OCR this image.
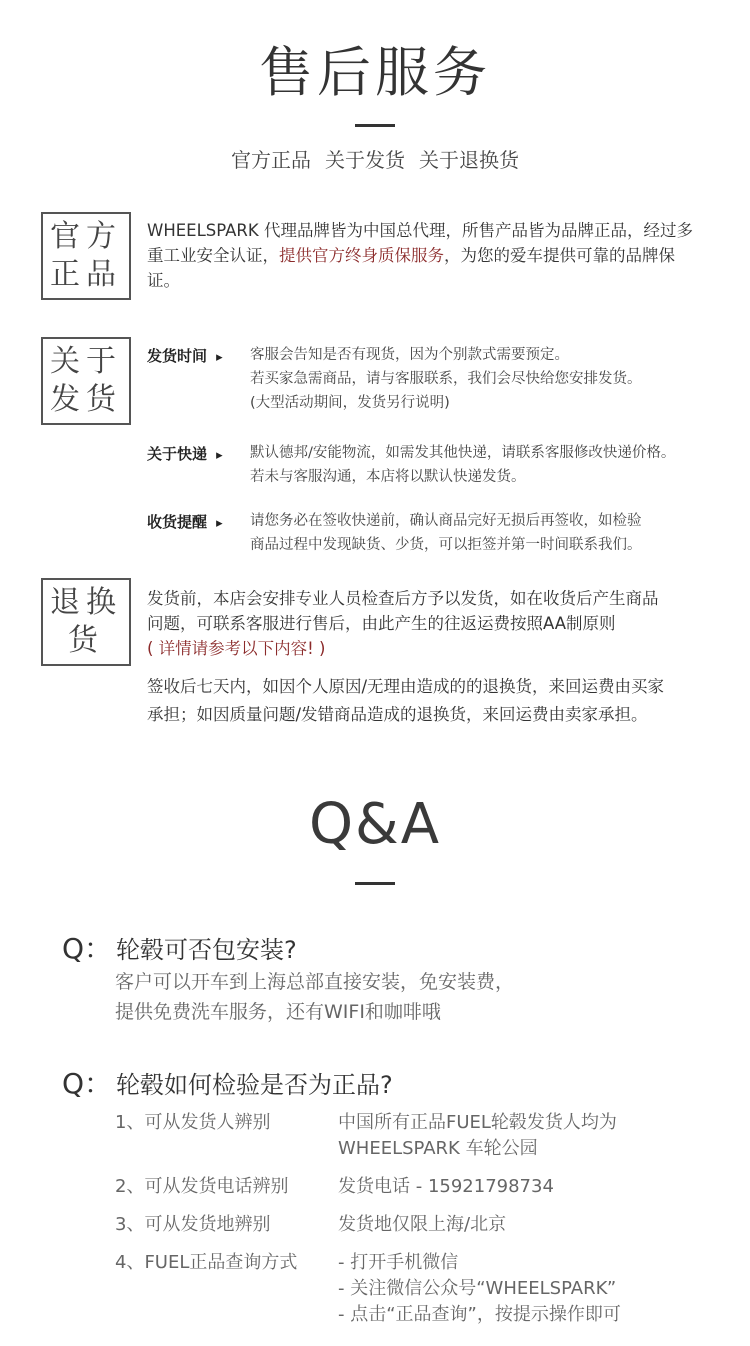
售后服务
官方正品 关于发货 关于退换货
官方
正品
WHEELSPARK 代理品牌皆为中国总代理，所售产品皆为品牌正品，经过多重工业安全认证，提供官方终身质保服务，为您的爱车提供可靠的品牌保证。
关于
发货
发货时间 ▸	客服会告知是否有现货，因为个别款式需要预定。
若买家急需商品，请与客服联系，我们会尽快给您安排发货。
(大型活动期间，发货另行说明)
关于快递 ▸	默认德邦/安能物流，如需发其他快递，请联系客服修改快递价格。
若未与客服沟通，本店将以默认快递发货。
收货提醒 ▸	请您务必在签收快递前，确认商品完好无损后再签收，如检验
商品过程中发现缺货、少货，可以拒签并第一时间联系我们。
退换
货
发货前，本店会安排专业人员检查后方予以发货，如在收货后产生商品
问题，可联系客服进行售后，由此产生的往返运费按照AA制原则
( 详情请参考以下内容! )
签收后七天内，如因个人原因/无理由造成的的退换货，来回运费由买家
承担；如因质量问题/发错商品造成的退换货，来回运费由卖家承担。
Q&A
Q： 轮毂可否包安装?
客户可以开车到上海总部直接安装，免安装费，
提供免费洗车服务，还有WIFI和咖啡哦
Q： 轮毂如何检验是否为正品?
1、可从发货人辨别	中国所有正品FUEL轮毂发货人均为
WHEELSPARK 车轮公园
2、可从发货电话辨别	发货电话 - 15921798734
3、可从发货地辨别	发货地仅限上海/北京
4、FUEL正品查询方式 - 打开手机微信
- 关注微信公众号“WHEELSPARK”
- 点击“正品查询”，按提示操作即可
